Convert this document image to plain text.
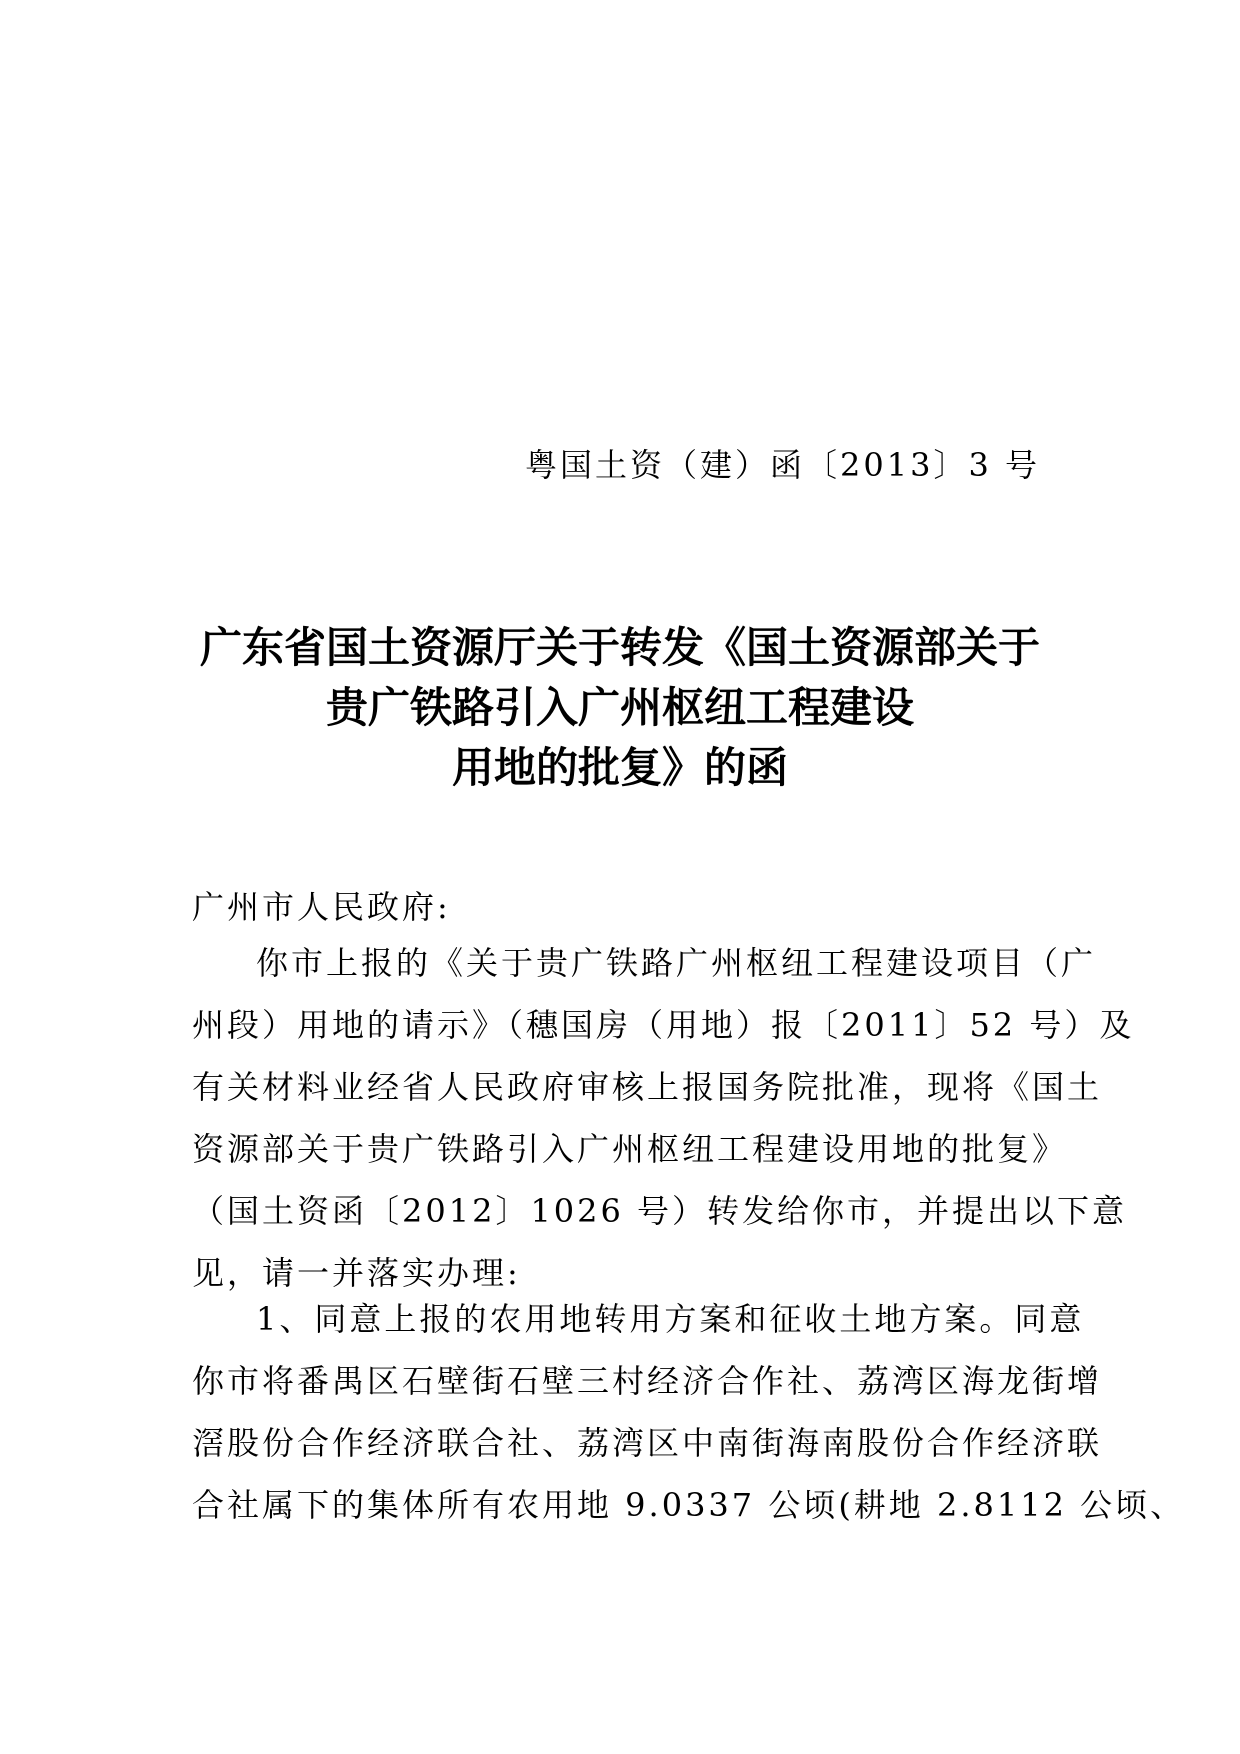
粤国土资（建）函〔2013〕3 号
广东省国土资源厅关于转发《国土资源部关于
贵广铁路引入广州枢纽工程建设
用地的批复》的函
广州市人民政府:
你市上报的《关于贵广铁路广州枢纽工程建设项目（广
州段）用地的请示》（穗国房（用地）报〔2011〕52 号）及
有关材料业经省人民政府审核上报国务院批准，现将《国土
资源部关于贵广铁路引入广州枢纽工程建设用地的批复》
（国土资函〔2012〕1026 号）转发给你市，并提出以下意
见，请一并落实办理:
1、同意上报的农用地转用方案和征收土地方案。同意
你市将番禺区石壁街石壁三村经济合作社、荔湾区海龙街增
滘股份合作经济联合社、荔湾区中南街海南股份合作经济联
合社属下的集体所有农用地 9.0337 公顷(耕地 2.8112 公顷、
